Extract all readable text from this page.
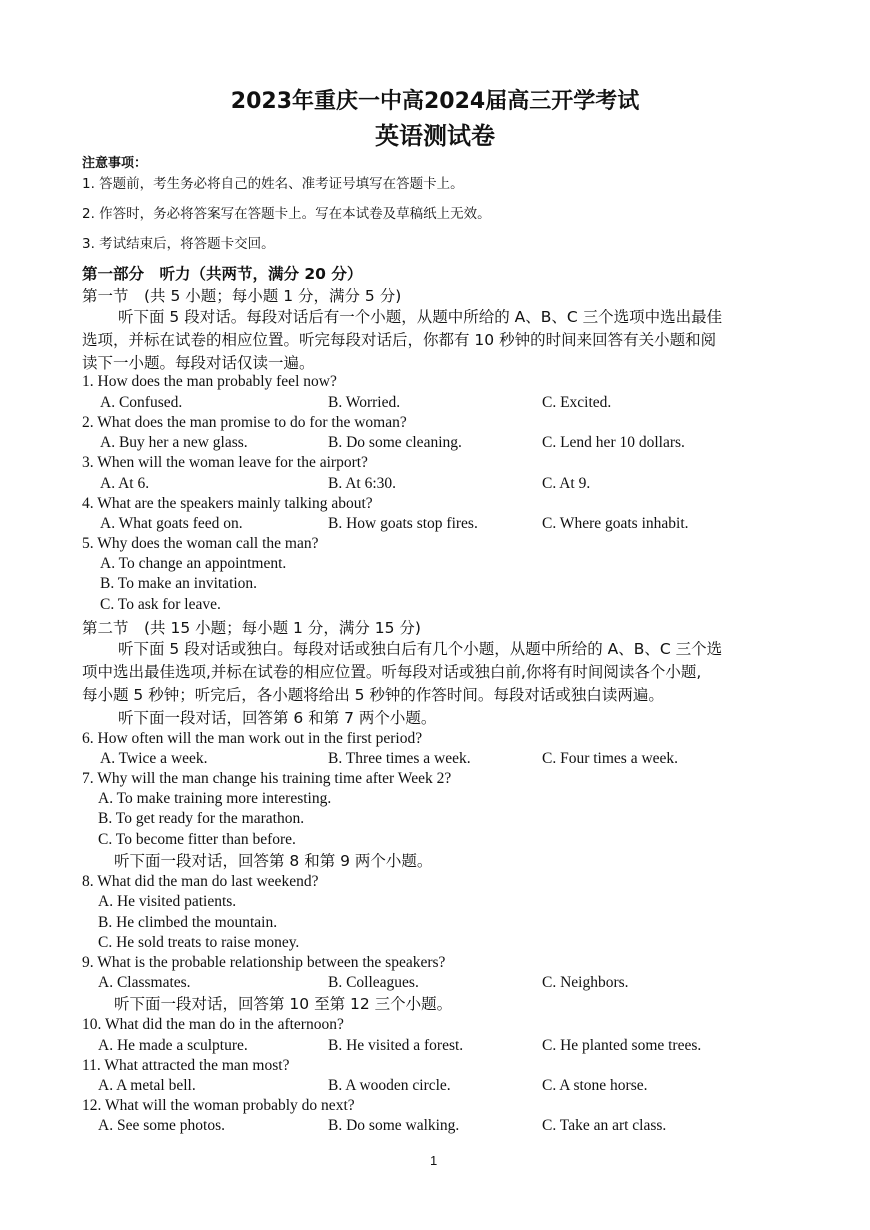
2023年重庆一中高2024届高三开学考试
英语测试卷
注意事项：
1. 答题前，考生务必将自己的姓名、准考证号填写在答题卡上。
2. 作答时，务必将答案写在答题卡上。写在本试卷及草稿纸上无效。
3. 考试结束后，将答题卡交回。
第一部分　听力（共两节，满分 20 分）
第一节　(共 5 小题；每小题 1 分，满分 5 分)
听下面 5 段对话。每段对话后有一个小题，从题中所给的 A、B、C 三个选项中选出最佳
选项，并标在试卷的相应位置。听完每段对话后，你都有 10 秒钟的时间来回答有关小题和阅
读下一小题。每段对话仅读一遍。
1. How does the man probably feel now?
A. Confused.	B. Worried.	C. Excited.
2. What does the man promise to do for the woman?
A. Buy her a new glass.	B. Do some cleaning.	C. Lend her 10 dollars.
3. When will the woman leave for the airport?
A. At 6.	B. At 6:30.	C. At 9.
4. What are the speakers mainly talking about?
A. What goats feed on.	B. How goats stop fires.	C. Where goats inhabit.
5. Why does the woman call the man?
A. To change an appointment.
B. To make an invitation.
C. To ask for leave.
第二节　(共 15 小题；每小题 1 分，满分 15 分)
听下面 5 段对话或独白。每段对话或独白后有几个小题，从题中所给的 A、B、C 三个选
项中选出最佳选项,并标在试卷的相应位置。听每段对话或独白前,你将有时间阅读各个小题,
每小题 5 秒钟；听完后，各小题将给出 5 秒钟的作答时间。每段对话或独白读两遍。
听下面一段对话，回答第 6 和第 7 两个小题。
6. How often will the man work out in the first period?
A. Twice a week.	B. Three times a week.	C. Four times a week.
7. Why will the man change his training time after Week 2?
A. To make training more interesting.
B. To get ready for the marathon.
C. To become fitter than before.
听下面一段对话，回答第 8 和第 9 两个小题。
8. What did the man do last weekend?
A. He visited patients.
B. He climbed the mountain.
C. He sold treats to raise money.
9. What is the probable relationship between the speakers?
A. Classmates.	B. Colleagues.	C. Neighbors.
听下面一段对话，回答第 10 至第 12 三个小题。
10. What did the man do in the afternoon?
A. He made a sculpture.	B. He visited a forest.	C. He planted some trees.
11. What attracted the man most?
A. A metal bell.	B. A wooden circle.	C. A stone horse.
12. What will the woman probably do next?
A. See some photos.	B. Do some walking.	C. Take an art class.
1
